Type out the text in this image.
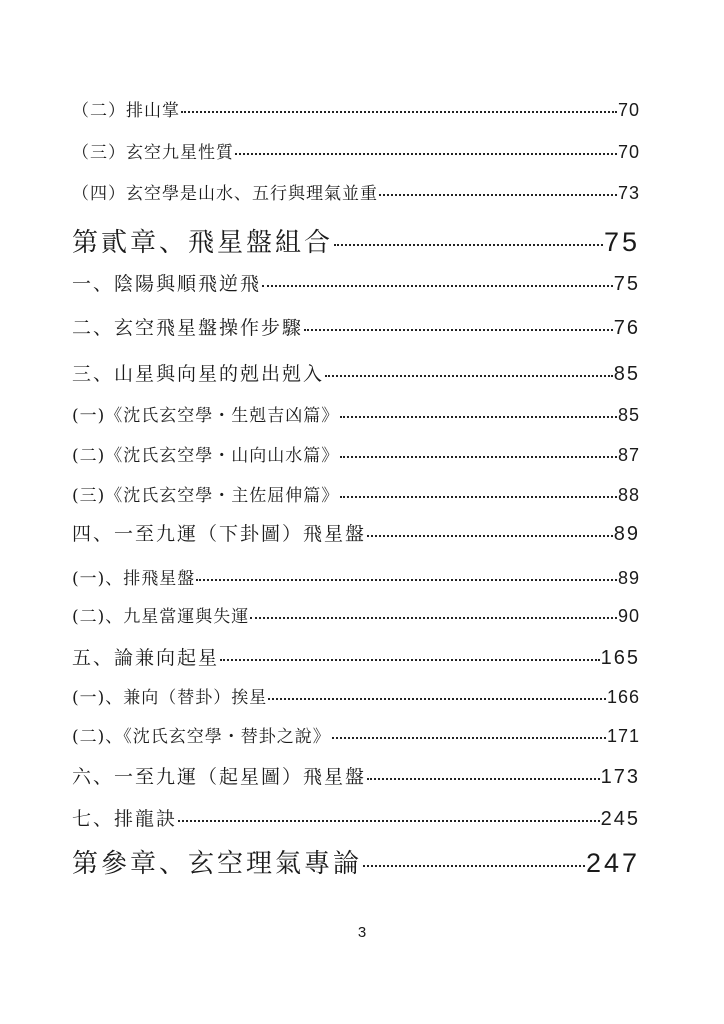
（二）排山掌	70
（三）玄空九星性質	70
（四）玄空學是山水、五行與理氣並重	73
第貳章、飛星盤組合	75
一、陰陽與順飛逆飛	75
二、玄空飛星盤操作步驟	76
三、山星與向星的剋出剋入	85
(一)《沈氏玄空學・生剋吉凶篇》	85
(二)《沈氏玄空學・山向山水篇》	87
(三)《沈氏玄空學・主佐屈伸篇》	88
四、一至九運（下卦圖）飛星盤	89
(一)、排飛星盤	89
(二)、九星當運與失運	90
五、論兼向起星	165
(一)、兼向（替卦）挨星	166
(二)、《沈氏玄空學・替卦之說》	171
六、一至九運（起星圖）飛星盤	173
七、排龍訣	245
第參章、玄空理氣專論	247
3
